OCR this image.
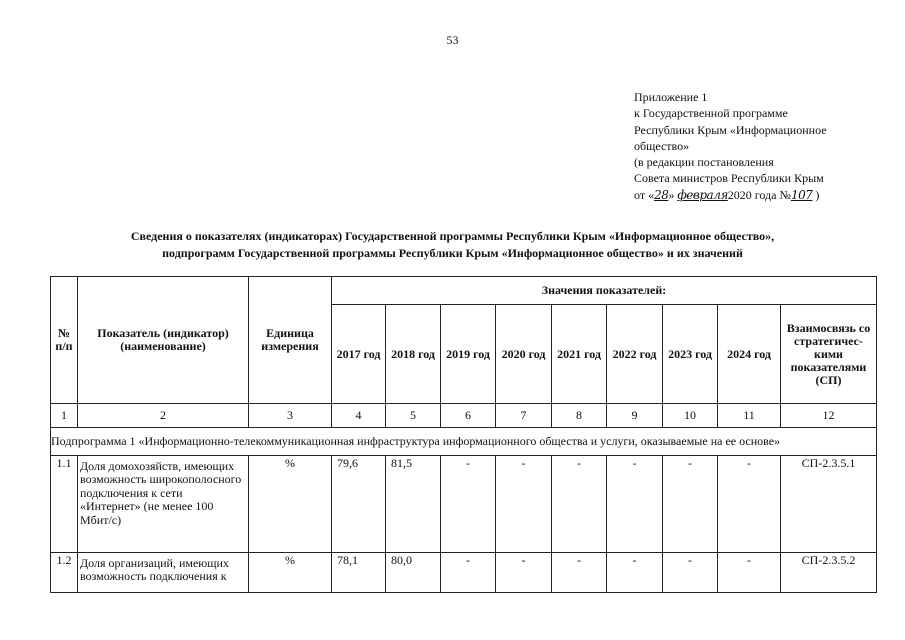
53
Приложение 1
к Государственной программе
Республики Крым «Информационное
общество»
(в редакции постановления
Совета министров Республики Крым
от «28» февраля2020 года №107 )
Сведения о показателях (индикаторах) Государственной программы Республики Крым «Информационное общество»,
подпрограмм Государственной программы Республики Крым «Информационное общество» и их значений
№ п/п	Показатель (индикатор) (наименование)	Единица измерения	Значения показателей:								
			2017 год	2018 год	2019 год	2020 год	2021 год	2022 год	2023 год	2024 год	Взаимосвязь со стратегичес-кими показателями (СП)
1	2	3	4	5	6	7	8	9	10	11	12
Подпрограмма 1 «Информационно-телекоммуникационная инфраструктура информационного общества и услуги, оказываемые на ее основе»											
1.1	Доля домохозяйств, имеющих возможность широкополосного подключения к сети «Интернет» (не менее 100 Мбит/с)	%	79,6	81,5	-	-	-	-	-	-	СП-2.3.5.1
1.2	Доля организаций, имеющих возможность подключения к	%	78,1	80,0	-	-	-	-	-	-	СП-2.3.5.2
